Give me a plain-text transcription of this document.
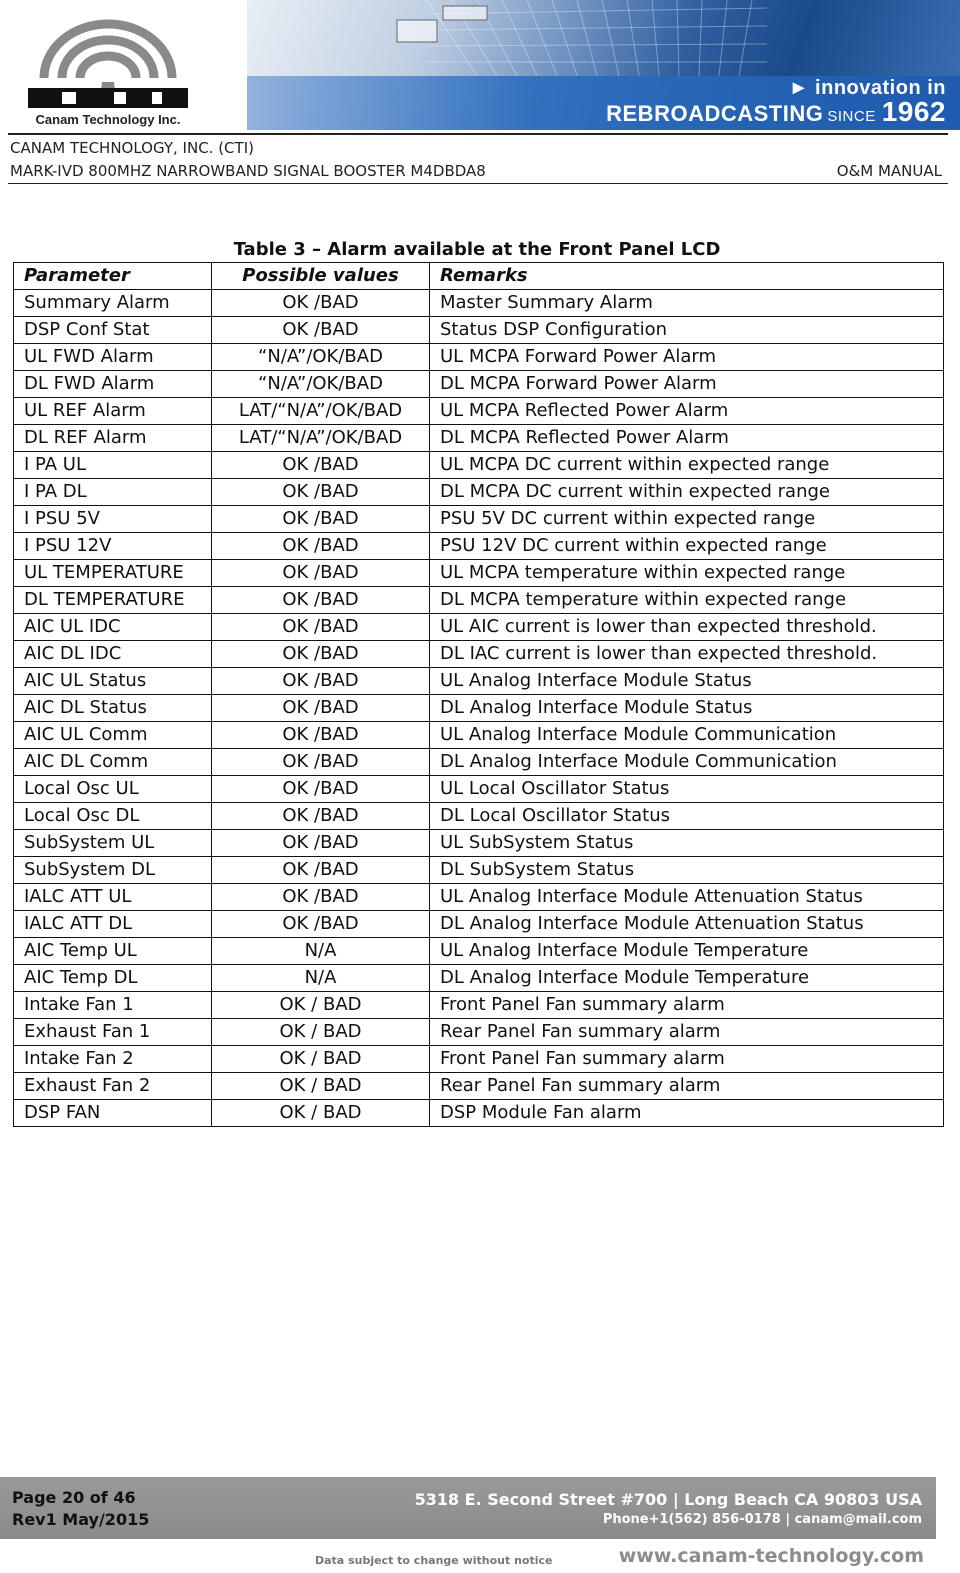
Canam Technology Inc.
► innovation in
REBROADCASTING SINCE 1962
CANAM TECHNOLOGY, INC. (CTI)
MARK-IVD 800MHZ NARROWBAND SIGNAL BOOSTER M4DBDA8	O&M MANUAL
Table 3 – Alarm available at the Front Panel LCD
Parameter	Possible values	Remarks
Summary Alarm	OK /BAD	Master Summary Alarm
DSP Conf Stat	OK /BAD	Status DSP Configuration
UL FWD Alarm	“N/A”/OK/BAD	UL MCPA Forward Power Alarm
DL FWD Alarm	“N/A”/OK/BAD	DL MCPA Forward Power Alarm
UL REF Alarm	LAT/“N/A”/OK/BAD	UL MCPA Reflected Power Alarm
DL REF Alarm	LAT/“N/A”/OK/BAD	DL MCPA Reflected Power Alarm
I PA UL	OK /BAD	UL MCPA DC current within expected range
I PA DL	OK /BAD	DL MCPA DC current within expected range
I PSU 5V	OK /BAD	PSU 5V DC current within expected range
I PSU 12V	OK /BAD	PSU 12V DC current within expected range
UL TEMPERATURE	OK /BAD	UL MCPA temperature within expected range
DL TEMPERATURE	OK /BAD	DL MCPA temperature within expected range
AIC UL IDC	OK /BAD	UL AIC current is lower than expected threshold.
AIC DL IDC	OK /BAD	DL IAC current is lower than expected threshold.
AIC UL Status	OK /BAD	UL Analog Interface Module Status
AIC DL Status	OK /BAD	DL Analog Interface Module Status
AIC UL Comm	OK /BAD	UL Analog Interface Module Communication
AIC DL Comm	OK /BAD	DL Analog Interface Module Communication
Local Osc UL	OK /BAD	UL Local Oscillator Status
Local Osc DL	OK /BAD	DL Local Oscillator Status
SubSystem UL	OK /BAD	UL SubSystem Status
SubSystem DL	OK /BAD	DL SubSystem Status
IALC ATT UL	OK /BAD	UL Analog Interface Module Attenuation Status
IALC ATT DL	OK /BAD	DL Analog Interface Module Attenuation Status
AIC Temp UL	N/A	UL Analog Interface Module Temperature
AIC Temp DL	N/A	DL Analog Interface Module Temperature
Intake Fan 1	OK / BAD	Front Panel Fan summary alarm
Exhaust Fan 1	OK / BAD	Rear Panel Fan summary alarm
Intake Fan 2	OK / BAD	Front Panel Fan summary alarm
Exhaust Fan 2	OK / BAD	Rear Panel Fan summary alarm
DSP FAN	OK / BAD	DSP Module Fan alarm
Page 20 of 46
Rev1 May/2015
5318 E. Second Street #700 | Long Beach CA 90803 USA
Phone+1(562) 856-0178 | canam@mail.com
Data subject to change without notice	www.canam-technology.com
